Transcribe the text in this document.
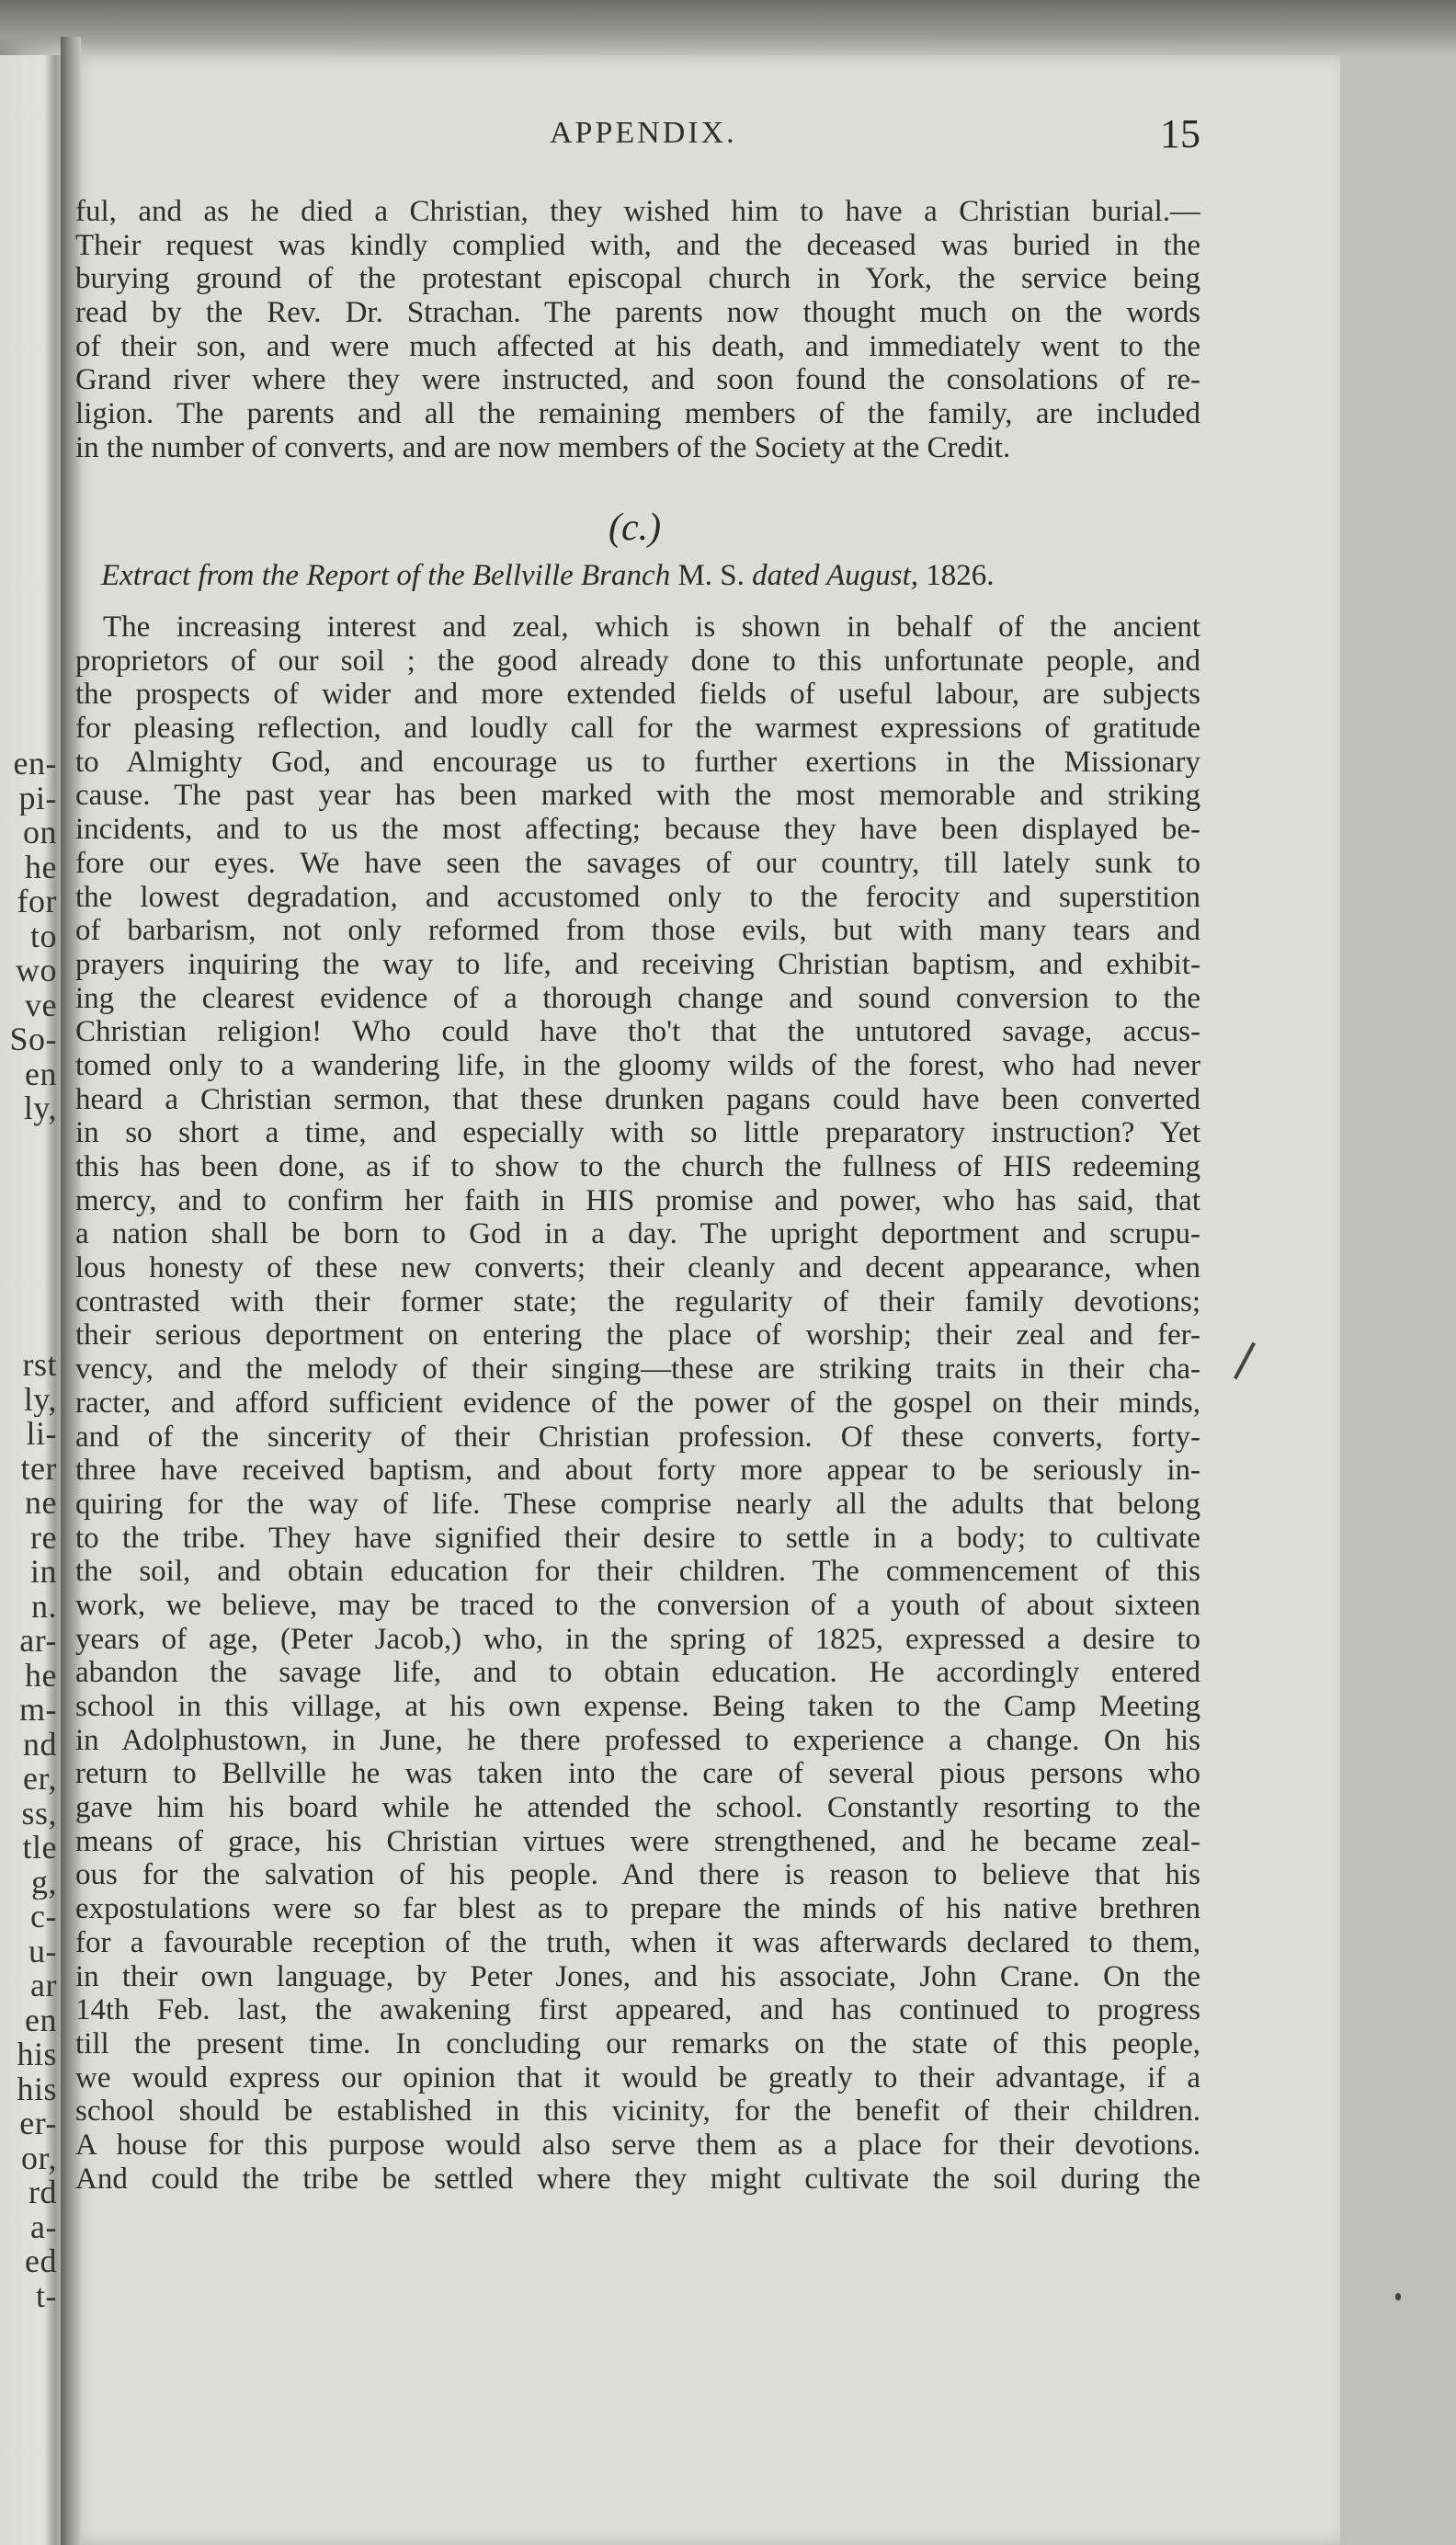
en-
pi-
on
he
for
to
wo
ve
So-
en
ly,
rst
ly,
li-
ter
ne
re
in
n.
ar-
he
m-
nd
er,
ss,
tle
g,
c-
u-
ar
en
his
his
er-
or,
rd
a-
ed
t-
APPENDIX.	15
ful, and as he died a Christian, they wished him to have a Christian burial.—
Their request was kindly complied with, and the deceased was buried in the
burying ground of the protestant episcopal church in York, the service being
read by the Rev. Dr. Strachan. The parents now thought much on the words
of their son, and were much affected at his death, and immediately went to the
Grand river where they were instructed, and soon found the consolations of re-
ligion. The parents and all the remaining members of the family, are included
in the number of converts, and are now members of the Society at the Credit.
(c.)
Extract from the Report of the Bellville Branch M. S. dated August, 1826.
The increasing interest and zeal, which is shown in behalf of the ancient
proprietors of our soil ; the good already done to this unfortunate people, and
the prospects of wider and more extended fields of useful labour, are subjects
for pleasing reflection, and loudly call for the warmest expressions of gratitude
to Almighty God, and encourage us to further exertions in the Missionary
cause. The past year has been marked with the most memorable and striking
incidents, and to us the most affecting; because they have been displayed be-
fore our eyes. We have seen the savages of our country, till lately sunk to
the lowest degradation, and accustomed only to the ferocity and superstition
of barbarism, not only reformed from those evils, but with many tears and
prayers inquiring the way to life, and receiving Christian baptism, and exhibit-
ing the clearest evidence of a thorough change and sound conversion to the
Christian religion! Who could have tho't that the untutored savage, accus-
tomed only to a wandering life, in the gloomy wilds of the forest, who had never
heard a Christian sermon, that these drunken pagans could have been converted
in so short a time, and especially with so little preparatory instruction? Yet
this has been done, as if to show to the church the fullness of HIS redeeming
mercy, and to confirm her faith in HIS promise and power, who has said, that
a nation shall be born to God in a day. The upright deportment and scrupu-
lous honesty of these new converts; their cleanly and decent appearance, when
contrasted with their former state; the regularity of their family devotions;
their serious deportment on entering the place of worship; their zeal and fer-
vency, and the melody of their singing—these are striking traits in their cha-
racter, and afford sufficient evidence of the power of the gospel on their minds,
and of the sincerity of their Christian profession. Of these converts, forty-
three have received baptism, and about forty more appear to be seriously in-
quiring for the way of life. These comprise nearly all the adults that belong
to the tribe. They have signified their desire to settle in a body; to cultivate
the soil, and obtain education for their children. The commencement of this
work, we believe, may be traced to the conversion of a youth of about sixteen
years of age, (Peter Jacob,) who, in the spring of 1825, expressed a desire to
abandon the savage life, and to obtain education. He accordingly entered
school in this village, at his own expense. Being taken to the Camp Meeting
in Adolphustown, in June, he there professed to experience a change. On his
return to Bellville he was taken into the care of several pious persons who
gave him his board while he attended the school. Constantly resorting to the
means of grace, his Christian virtues were strengthened, and he became zeal-
ous for the salvation of his people. And there is reason to believe that his
expostulations were so far blest as to prepare the minds of his native brethren
for a favourable reception of the truth, when it was afterwards declared to them,
in their own language, by Peter Jones, and his associate, John Crane. On the
14th Feb. last, the awakening first appeared, and has continued to progress
till the present time. In concluding our remarks on the state of this people,
we would express our opinion that it would be greatly to their advantage, if a
school should be established in this vicinity, for the benefit of their children.
A house for this purpose would also serve them as a place for their devotions.
And could the tribe be settled where they might cultivate the soil during the
